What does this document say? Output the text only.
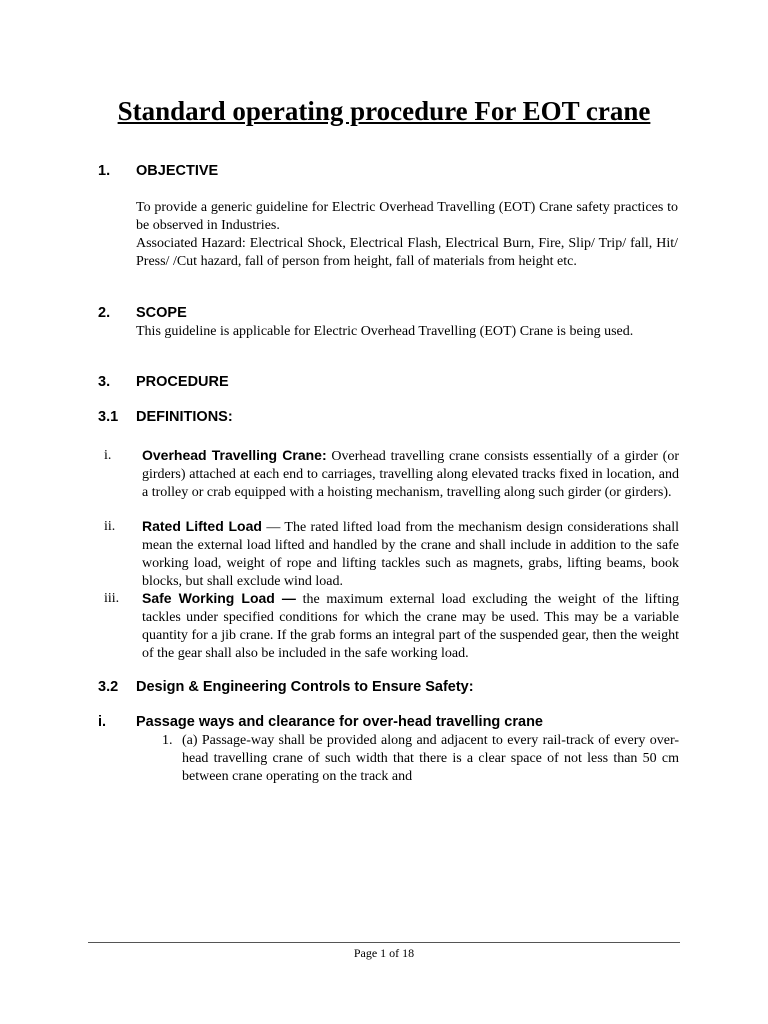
Standard operating procedure For EOT crane
1. OBJECTIVE

To provide a generic guideline for Electric Overhead Travelling (EOT) Crane safety practices to be observed in Industries.

Associated Hazard: Electrical Shock, Electrical Flash, Electrical Burn, Fire, Slip/ Trip/ fall, Hit/ Press/ /Cut hazard, fall of person from height, fall of materials from height etc.

2. SCOPE

This guideline is applicable for Electric Overhead Travelling (EOT) Crane is being used.

3. PROCEDURE
3.1 DEFINITIONS:
i. Overhead Travelling Crane: Overhead travelling crane consists essentially of a girder (or girders) attached at each end to carriages, travelling along elevated tracks fixed in location, and a trolley or crab equipped with a hoisting mechanism, travelling along such girder (or girders).

ii. Rated Lifted Load — The rated lifted load from the mechanism design considerations shall mean the external load lifted and handled by the crane and shall include in addition to the safe working load, weight of rope and lifting tackles such as magnets, grabs, lifting beams, book blocks, but shall exclude wind load.

iii. Safe Working Load — the maximum external load excluding the weight of the lifting tackles under specified conditions for which the crane may be used. This may be a variable quantity for a jib crane. If the grab forms an integral part of the suspended gear, then the weight of the gear shall also be included in the safe working load.

3.2 Design & Engineering Controls to Ensure Safety:
i. Passage ways and clearance for over-head travelling crane
1. (a) Passage-way shall be provided along and adjacent to every rail-track of every over-head travelling crane of such width that there is a clear space of not less than 50 cm between crane operating on the track and

Page 1 of 18
